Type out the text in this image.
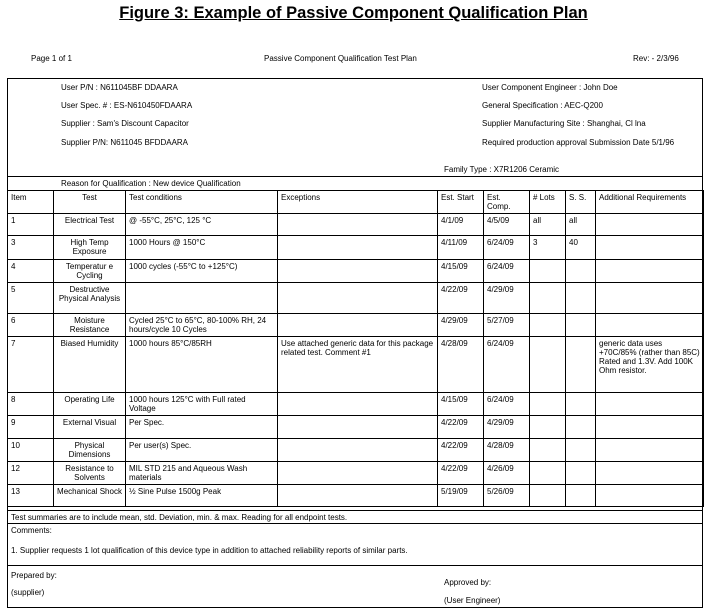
Figure 3: Example of Passive Component Qualification Plan
Page 1 of 1	Passive Component Qualification Test Plan	Rev: - 2/3/96
User P/N : N611045BF DDAARA
User Spec. # : ES-N610450FDAARA
Supplier : Sam's Discount Capacitor
Supplier P/N: N611045 BFDDAARA
User Component Engineer : John Doe
General Specification : AEC-Q200
Supplier Manufacturing Site : Shanghai, Cl lna
Required production approval Submission Date 5/1/96
Family Type : X7R1206 Ceramic
Reason for Qualification : New device Qualification
Item	Test	Test conditions	Exceptions	Est. Start	Est. Comp.	# Lots	S. S.	Additional Requirements
1	Electrical Test	@ -55°C, 25°C, 125 °C		4/1/09	4/5/09	all	all	
3	High Temp Exposure	1000 Hours @ 150°C		4/11/09	6/24/09	3	40	
4	Temperatur e Cycling	1000 cycles (-55°C to +125°C)		4/15/09	6/24/09			
5	Destructive Physical Analysis			4/22/09	4/29/09			
6	Moisture Resistance	Cycled 25°C to 65°C, 80-100% RH, 24 hours/cycle 10 Cycles		4/29/09	5/27/09			
7	Biased Humidity	1000 hours 85°C/85RH	Use attached generic data for this package related test. Comment #1	4/28/09	6/24/09			generic data uses +70C/85% (rather than 85C) Rated and 1.3V. Add 100K Ohm resistor.
8	Operating Life	1000 hours 125°C with Full rated Voltage		4/15/09	6/24/09			
9	External Visual	Per Spec.		4/22/09	4/29/09			
10	Physical Dimensions	Per user(s) Spec.		4/22/09	4/28/09			
12	Resistance to Solvents	MIL STD 215 and Aqueous Wash materials		4/22/09	4/26/09			
13	Mechanical Shock	½ Sine Pulse 1500g Peak		5/19/09	5/26/09			
Test summaries are to include mean, std. Deviation, min. & max. Reading for all endpoint tests.
Comments:
1. Supplier requests 1 lot qualification of this device type in addition to attached reliability reports of similar parts.
Prepared by:
(supplier)
Approved by:
(User Engineer)
